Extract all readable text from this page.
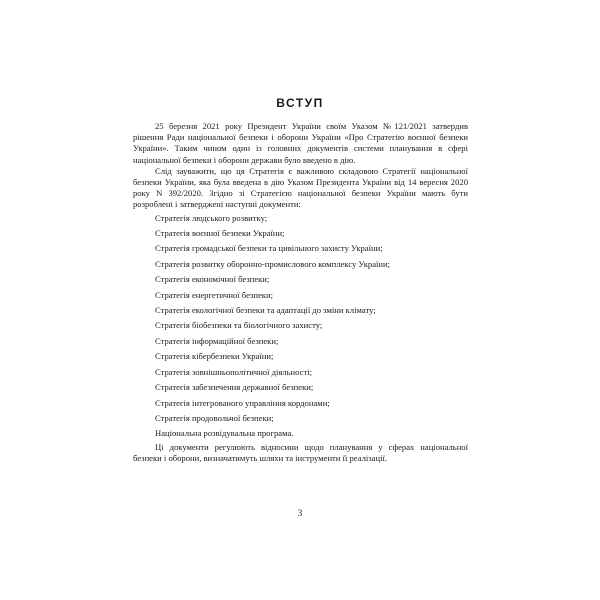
ВСТУП

25 березня 2021 року Президент України своїм Указом №121/2021 затвердив рішення Ради національної безпеки і оборони України «Про Стратегію воєнної безпеки України». Таким чином один із головних документів системи планування в сфері національної безпеки і оборони держави було введено в дію.

Слід зауважити, що ця Стратегія є важливою складовою Стратегії національної безпеки України, яка була введена в дію Указом Президента України від 14 вересня 2020 року N 392/2020. Згідно зі Стратегією національної безпеки України мають бути розроблені і затверджені наступні документи:

Стратегія людського розвитку;
Стратегія воєнної безпеки України;
Стратегія громадської безпеки та цивільного захисту України;
Стратегія розвитку оборонно-промислового комплексу України;
Стратегія економічної безпеки;
Стратегія енергетичної безпеки;
Стратегія екологічної безпеки та адаптації до зміни клімату;
Стратегія біобезпеки та біологічного захисту;
Стратегія інформаційної безпеки;
Стратегія кібербезпеки України;
Стратегія зовнішньополітичної діяльності;
Стратегія забезпечення державної безпеки;
Стратегія інтегрованого управління кордонами;
Стратегія продовольчої безпеки;
Національна розвідувальна програма.

Ці документи регулюють відносини щодо планування у сферах національної безпеки і оборони, визначатимуть шляхи та інструменти її реалізації.

3
